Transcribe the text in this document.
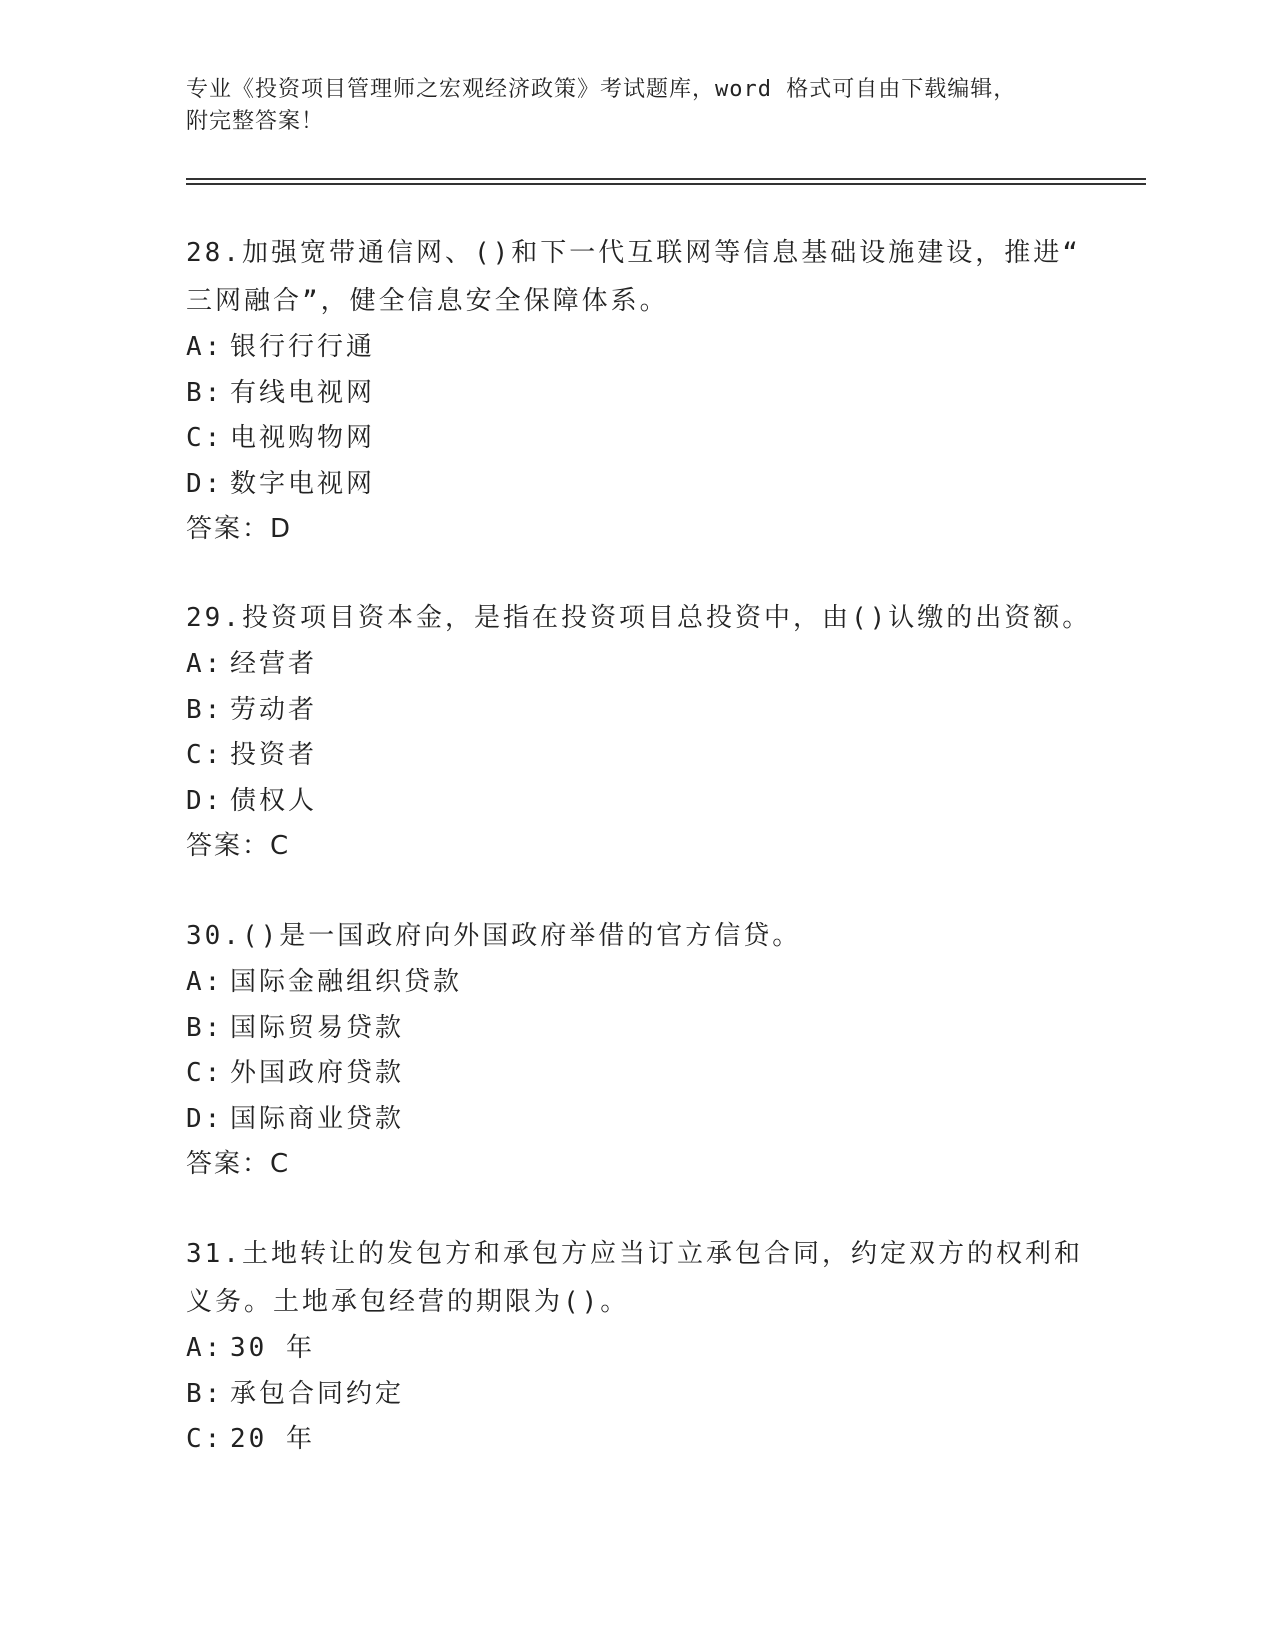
专业《投资项目管理师之宏观经济政策》考试题库，word 格式可自由下载编辑，
附完整答案！
28.加强宽带通信网、()和下一代互联网等信息基础设施建设，推进“
三网融合”，健全信息安全保障体系。
A: 银行行行通
B: 有线电视网
C: 电视购物网
D: 数字电视网
答案：D
29.投资项目资本金，是指在投资项目总投资中，由()认缴的出资额。
A: 经营者
B: 劳动者
C: 投资者
D: 债权人
答案：C
30.()是一国政府向外国政府举借的官方信贷。
A: 国际金融组织贷款
B: 国际贸易贷款
C: 外国政府贷款
D: 国际商业贷款
答案：C
31.土地转让的发包方和承包方应当订立承包合同，约定双方的权利和
义务。土地承包经营的期限为()。
A: 30 年
B: 承包合同约定
C: 20 年
